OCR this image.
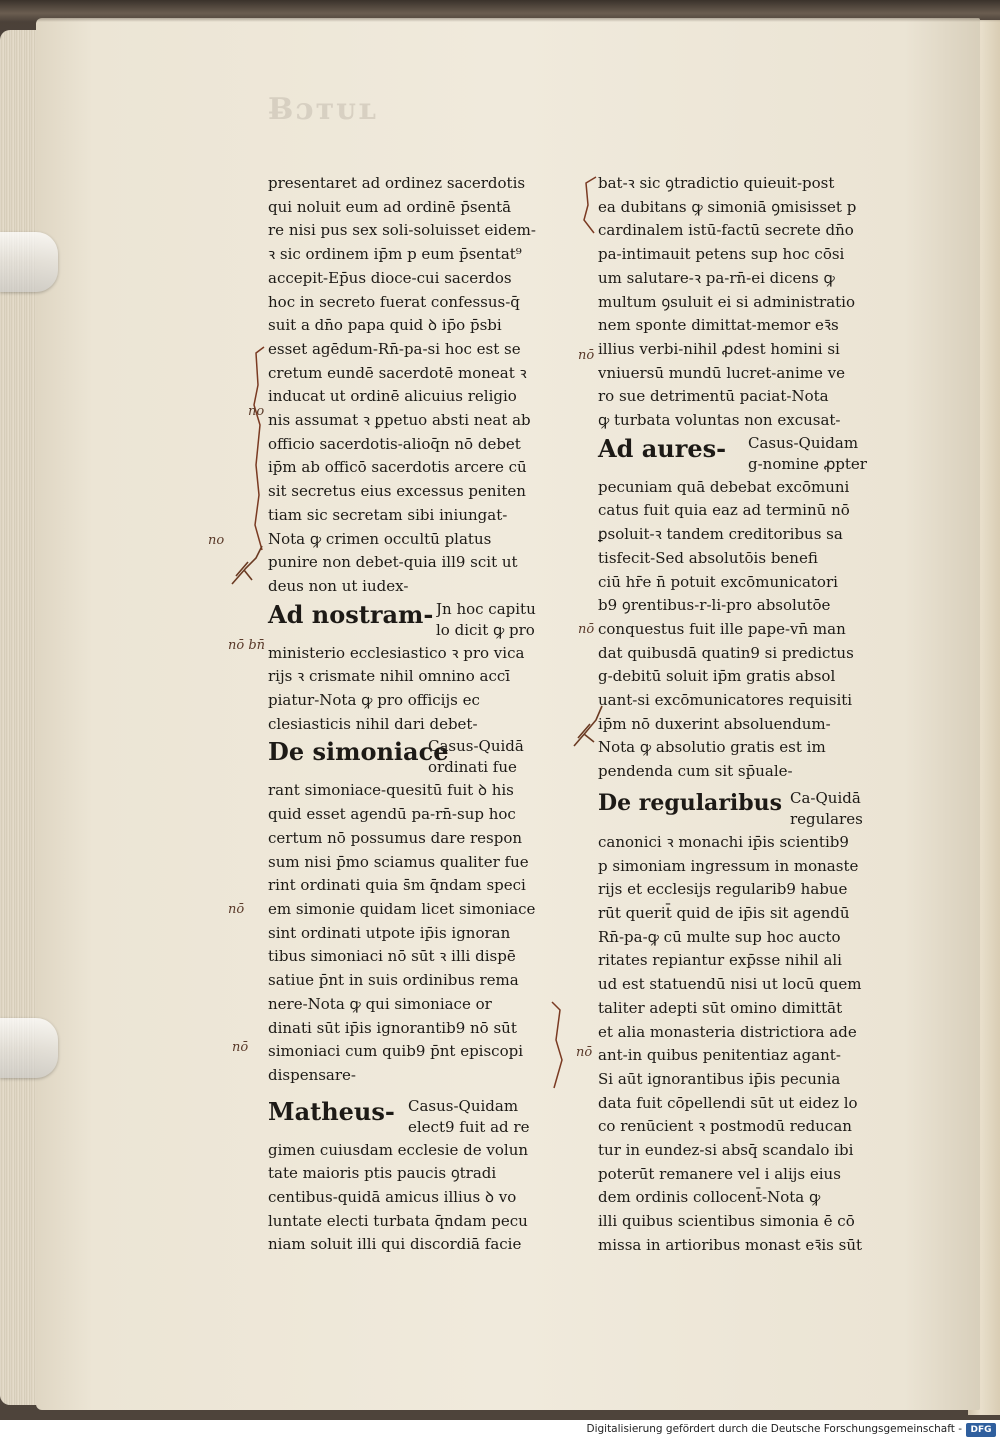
Ƀɔᴛᴜʟ
presentaret ad ordinez sacerdotis
qui noluit eum ad ordinē p̄sentā
re nisi pus sex soli-soluisset eidem-
ꝛ sic ordinem ip̄m p eum p̄sentat⁹
accepit-Ep̄us dioce-cui sacerdos
hoc in secreto fuerat confessus-q̄
suit a dn̄o papa quid ꝺ ip̄o p̄sbi
esset agēdum-Rn̄-pa-si hoc est se
cretum eundē sacerdotē moneat ꝛ
inducat ut ordinē alicuius religio
nis assumat ꝛ ꝑpetuo absti neat ab
officio sacerdotis-alioq̄n nō debet
ip̄m ab officō sacerdotis arcere cū
sit secretus eius excessus peniten
tiam sic secretam sibi iniungat-
Nota ꝙ crimen occultū platus
punire non debet-quia ill9 scit ut
deus non ut iudex-
Ad nostram- Jn hoc capitu
lo dicit ꝙ pro
ministerio ecclesiastico ꝛ pro vica
rijs ꝛ crismate nihil omnino accī
piatur-Nota ꝙ pro officijs ec
clesiasticis nihil dari debet-
De simoniace
Casus-Quidā
ordinati fue
rant simoniace-quesitū fuit ꝺ his
quid esset agendū pa-rn̄-sup hoc
certum nō possumus dare respon
sum nisi p̄mo sciamus qualiter fue
rint ordinati quia s̄m q̄ndam speci
em simonie quidam licet simoniace
sint ordinati utpote ip̄is ignoran
tibus simoniaci nō sūt ꝛ illi dispē
satiue p̄nt in suis ordinibus rema
nere-Nota ꝙ qui simoniace or
dinati sūt ip̄is ignorantib9 nō sūt
simoniaci cum quib9 p̄nt episcopi
dispensare-
Matheus- Casus-Quidam
elect9 fuit ad re
gimen cuiusdam ecclesie de volun
tate maioris ptis paucis ꝯtradi
centibus-quidā amicus illius ꝺ vo
luntate electi turbata q̄ndam pecu
niam soluit illi qui discordiā facie
bat-ꝛ sic ꝯtradictio quieuit-post
ea dubitans ꝙ simoniā ꝯmisisset p
cardinalem istū-factū secrete dn̄o
pa-intimauit petens sup hoc cōsi
um salutare-ꝛ pa-rn̄-ei dicens ꝙ
multum ꝯsuluit ei si administratio
nem sponte dimittat-memor eꝛ̄s
illius verbi-nihil ꝓdest homini si
vniuersū mundū lucret-anime ve
ro sue detrimentū paciat-Nota
ꝙ turbata voluntas non excusat-
Ad aures- Casus-Quidam
g-nomine ꝓpter
pecuniam quā debebat excōmuni
catus fuit quia eaz ad terminū nō
ꝑsoluit-ꝛ tandem creditoribus sa
tisfecit-Sed absolutōis benefi
ciū hr̄e n̄ potuit excōmunicatori
b9 ꝯrentibus-r-li-pro absolutōe
conquestus fuit ille pape-vn̄ man
dat quibusdā quatin9 si predictus
g-debitū soluit ip̄m gratis absol
uant-si excōmunicatores requisiti
ip̄m nō duxerint absoluendum-
Nota ꝙ absolutio gratis est im
pendenda cum sit sp̄uale-
De regularibus Ca-Quidā
regulares
canonici ꝛ monachi ip̄is scientib9
p simoniam ingressum in monaste
rijs et ecclesijs regularib9 habue
rūt querit̄ quid de ip̄is sit agendū
Rn̄-pa-ꝙ cū multe sup hoc aucto
ritates repiantur exp̄sse nihil ali
ud est statuendū nisi ut locū quem
taliter adepti sūt omino dimittāt
et alia monasteria districtiora ade
ant-in quibus penitentiaz agant-
Si aūt ignorantibus ip̄is pecunia
data fuit cōpellendi sūt ut eidez lo
co renūcient ꝛ postmodū reducan
tur in eundez-si absq̄ scandalo ibi
poterūt remanere vel i alijs eius
dem ordinis collocent̄-Nota ꝙ
illi quibus scientibus simonia ē cō
missa in artioribus monast eꝛ̄is sūt
no
no
nō bn̄
nō
nō
nō
nō
nō
Digitalisierung gefördert durch die Deutsche Forschungsgemeinschaft - DFG
